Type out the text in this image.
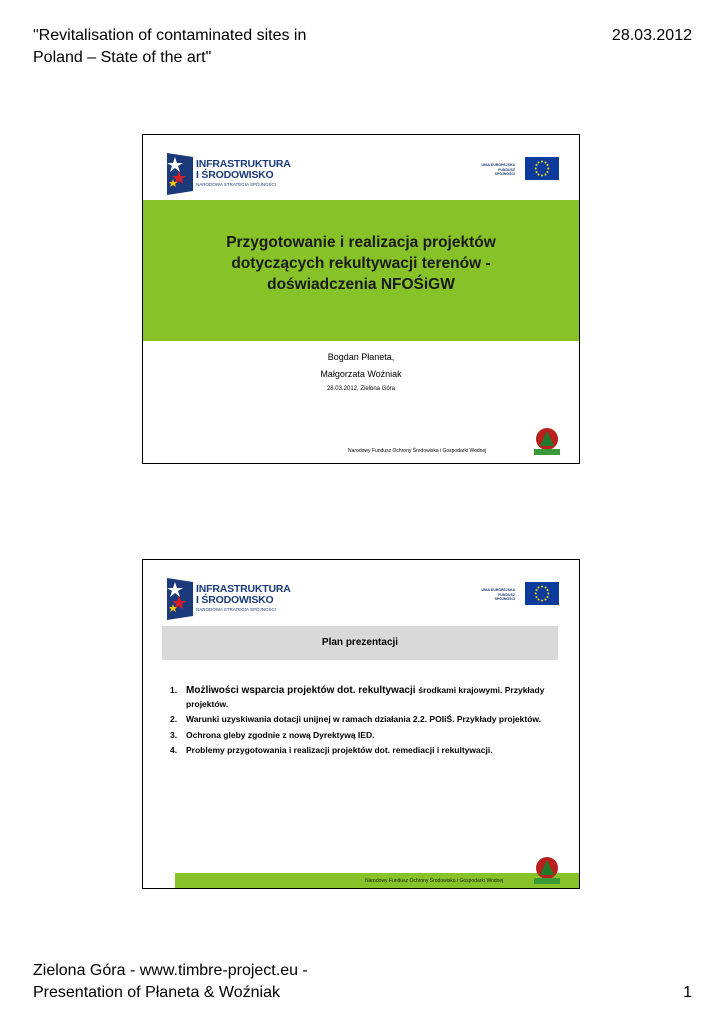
"Revitalisation of contaminated sites in Poland – State of the art"
28.03.2012
INFRASTRUKTURA
I ŚRODOWISKO
NARODOWA STRATEGIA SPÓJNOŚCI
UNIA EUROPEJSKA
FUNDUSZ SPÓJNOŚCI
Przygotowanie i realizacja projektów dotyczących rekultywacji terenów - doświadczenia NFOŚiGW
Bogdan Płaneta,
Małgorzata Woźniak
28.03.2012, Zielona Góra
Narodowy Fundusz Ochrony Środowiska i Gospodarki Wodnej
INFRASTRUKTURA
I ŚRODOWISKO
NARODOWA STRATEGIA SPÓJNOŚCI
UNIA EUROPEJSKA
FUNDUSZ SPÓJNOŚCI
Plan prezentacji
1. Możliwości wsparcia projektów dot. rekultywacji środkami krajowymi. Przykłady projektów.
2. Warunki uzyskiwania dotacji unijnej w ramach działania 2.2. POIiŚ. Przykłady projektów.
3. Ochrona gleby zgodnie z nową Dyrektywą IED.
4. Problemy przygotowania i realizacji projektów dot. remediacji i rekultywacji.
Narodowy Fundusz Ochrony Środowiska i Gospodarki Wodnej
Zielona Góra - www.timbre-project.eu - Presentation of Płaneta & Woźniak	1
